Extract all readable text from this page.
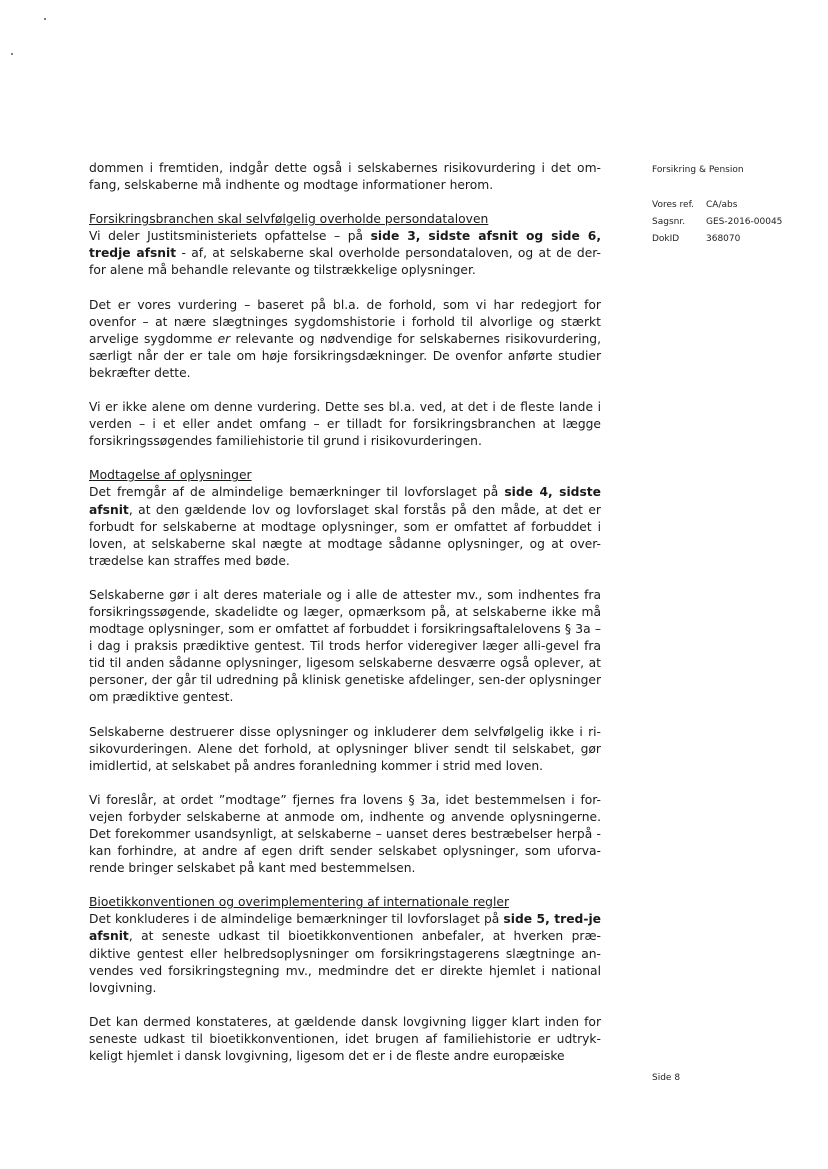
dommen i fremtiden, indgår dette også i selskabernes risikovurdering i det om-fang, selskaberne må indhente og modtage informationer herom.

Forsikringsbranchen skal selvfølgelig overholde persondataloven

Vi deler Justitsministeriets opfattelse – på side 3, sidste afsnit og side 6, tredje afsnit - af, at selskaberne skal overholde persondataloven, og at de der-for alene må behandle relevante og tilstrækkelige oplysninger.

Det er vores vurdering – baseret på bl.a. de forhold, som vi har redegjort for ovenfor – at nære slægtninges sygdomshistorie i forhold til alvorlige og stærkt arvelige sygdomme er relevante og nødvendige for selskabernes risikovurdering, særligt når der er tale om høje forsikringsdækninger. De ovenfor anførte studier bekræfter dette.

Vi er ikke alene om denne vurdering. Dette ses bl.a. ved, at det i de fleste lande i verden – i et eller andet omfang – er tilladt for forsikringsbranchen at lægge forsikringssøgendes familiehistorie til grund i risikovurderingen.

Modtagelse af oplysninger

Det fremgår af de almindelige bemærkninger til lovforslaget på side 4, sidste afsnit, at den gældende lov og lovforslaget skal forstås på den måde, at det er forbudt for selskaberne at modtage oplysninger, som er omfattet af forbuddet i loven, at selskaberne skal nægte at modtage sådanne oplysninger, og at over-trædelse kan straffes med bøde.

Selskaberne gør i alt deres materiale og i alle de attester mv., som indhentes fra forsikringssøgende, skadelidte og læger, opmærksom på, at selskaberne ikke må modtage oplysninger, som er omfattet af forbuddet i forsikringsaftalelovens § 3a – i dag i praksis prædiktive gentest. Til trods herfor videregiver læger alli-gevel fra tid til anden sådanne oplysninger, ligesom selskaberne desværre også oplever, at personer, der går til udredning på klinisk genetiske afdelinger, sen-der oplysninger om prædiktive gentest.

Selskaberne destruerer disse oplysninger og inkluderer dem selvfølgelig ikke i ri-sikovurderingen. Alene det forhold, at oplysninger bliver sendt til selskabet, gør imidlertid, at selskabet på andres foranledning kommer i strid med loven.

Vi foreslår, at ordet ”modtage” fjernes fra lovens § 3a, idet bestemmelsen i for-vejen forbyder selskaberne at anmode om, indhente og anvende oplysningerne. Det forekommer usandsynligt, at selskaberne – uanset deres bestræbelser herpå - kan forhindre, at andre af egen drift sender selskabet oplysninger, som uforva-rende bringer selskabet på kant med bestemmelsen.

Bioetikkonventionen og overimplementering af internationale regler

Det konkluderes i de almindelige bemærkninger til lovforslaget på side 5, tred-je afsnit, at seneste udkast til bioetikkonventionen anbefaler, at hverken præ-diktive gentest eller helbredsoplysninger om forsikringstagerens slægtninge an-vendes ved forsikringstegning mv., medmindre det er direkte hjemlet i national lovgivning.

Det kan dermed konstateres, at gældende dansk lovgivning ligger klart inden for seneste udkast til bioetikkonventionen, idet brugen af familiehistorie er udtryk-keligt hjemlet i dansk lovgivning, ligesom det er i de fleste andre europæiske

Forsikring & Pension
Vores ref.	CA/abs
Sagsnr.	GES-2016-00045
DokID	368070
Side 8
